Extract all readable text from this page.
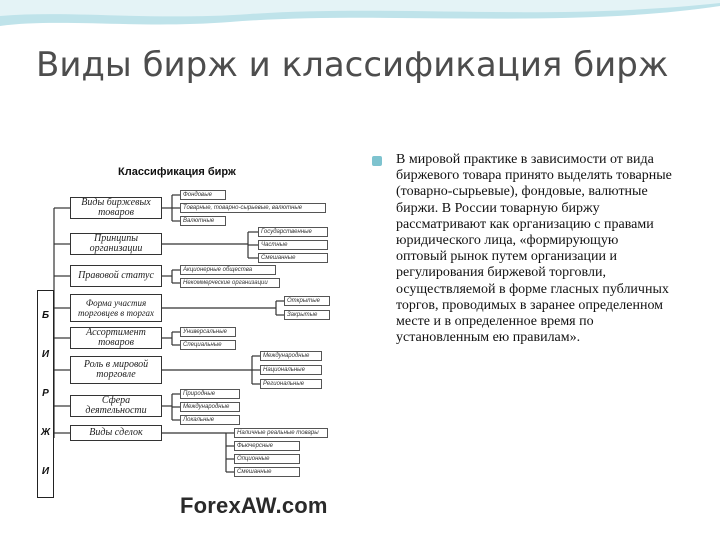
Виды бирж и классификация бирж
Классификация бирж
Б
И
Р
Ж
И
Виды биржевых товаров
Принципы организации
Правовой статус
Форма участия торговцев в торгах
Ассортимент товаров
Роль в мировой торговле
Сфера деятельности
Виды сделок
Фондовые
Товарные, товарно-сырьевые, валютные
Валютные
Государственные
Частные
Смешанные
Акционерные общества
Некоммерческие организации
Открытые
Закрытые
Универсальные
Специальные
Международные
Национальные
Региональные
Природные
Международные
Локальные
Наличные реальные товары
Фьючерсные
Опционные
Смешанные
ForexAW.com

В мировой практике в зависимости от вида биржевого товара принято выделять товарные (товарно-сырьевые), фондовые, валютные биржи. В России товарную биржу рассматривают как организацию с правами юридического лица, «формирующую оптовый рынок путем организации и регулирования биржевой торговли, осуществляемой в форме гласных публичных торгов, проводимых в заранее определенном месте и в определенное время по установленным ею правилам».
